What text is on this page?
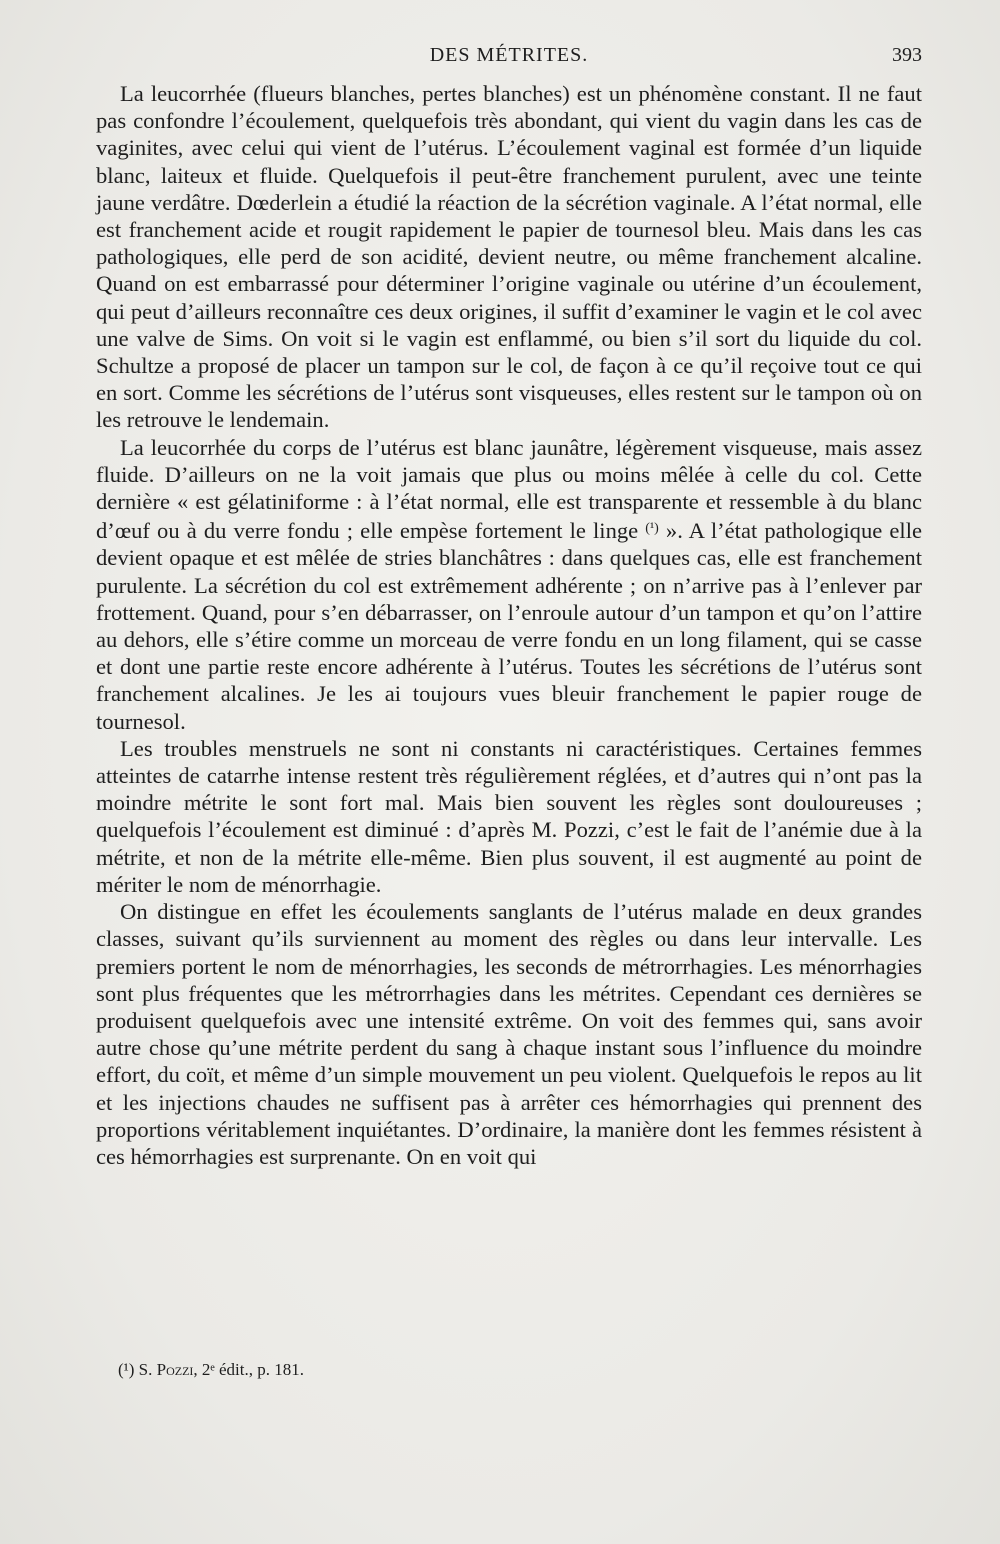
DES MÉTRITES.	393

La leucorrhée (flueurs blanches, pertes blanches) est un phénomène constant. Il ne faut pas confondre l’écoulement, quelquefois très abondant, qui vient du vagin dans les cas de vaginites, avec celui qui vient de l’utérus. L’écoulement vaginal est formée d’un liquide blanc, laiteux et fluide. Quelquefois il peut-être franchement purulent, avec une teinte jaune verdâtre. Dœderlein a étudié la réaction de la sécrétion vaginale. A l’état normal, elle est franchement acide et rougit rapidement le papier de tournesol bleu. Mais dans les cas pathologiques, elle perd de son acidité, devient neutre, ou même franchement alcaline. Quand on est embarrassé pour déterminer l’origine vaginale ou utérine d’un écoulement, qui peut d’ailleurs reconnaître ces deux origines, il suffit d’examiner le vagin et le col avec une valve de Sims. On voit si le vagin est enflammé, ou bien s’il sort du liquide du col. Schultze a proposé de placer un tampon sur le col, de façon à ce qu’il reçoive tout ce qui en sort. Comme les sécrétions de l’utérus sont visqueuses, elles restent sur le tampon où on les retrouve le lendemain.

La leucorrhée du corps de l’utérus est blanc jaunâtre, légèrement visqueuse, mais assez fluide. D’ailleurs on ne la voit jamais que plus ou moins mêlée à celle du col. Cette dernière « est gélatiniforme : à l’état normal, elle est transparente et ressemble à du blanc d’œuf ou à du verre fondu ; elle empèse fortement le linge $^{(^1)}$ ». A l’état pathologique elle devient opaque et est mêlée de stries blanchâtres : dans quelques cas, elle est franchement purulente. La sécrétion du col est extrêmement adhérente ; on n’arrive pas à l’enlever par frottement. Quand, pour s’en débarrasser, on l’enroule autour d’un tampon et qu’on l’attire au dehors, elle s’étire comme un morceau de verre fondu en un long filament, qui se casse et dont une partie reste encore adhérente à l’utérus. Toutes les sécrétions de l’utérus sont franchement alcalines. Je les ai toujours vues bleuir franchement le papier rouge de tournesol.

Les troubles menstruels ne sont ni constants ni caractéristiques. Certaines femmes atteintes de catarrhe intense restent très régulièrement réglées, et d’autres qui n’ont pas la moindre métrite le sont fort mal. Mais bien souvent les règles sont douloureuses ; quelquefois l’écoulement est diminué : d’après M. Pozzi, c’est le fait de l’anémie due à la métrite, et non de la métrite elle-même. Bien plus souvent, il est augmenté au point de mériter le nom de ménorrhagie.

On distingue en effet les écoulements sanglants de l’utérus malade en deux grandes classes, suivant qu’ils surviennent au moment des règles ou dans leur intervalle. Les premiers portent le nom de ménorrhagies, les seconds de métrorrhagies. Les ménorrhagies sont plus fréquentes que les métrorrhagies dans les métrites. Cependant ces dernières se produisent quelquefois avec une intensité extrême. On voit des femmes qui, sans avoir autre chose qu’une métrite perdent du sang à chaque instant sous l’influence du moindre effort, du coït, et même d’un simple mouvement un peu violent. Quelquefois le repos au lit et les injections chaudes ne suffisent pas à arrêter ces hémorrhagies qui prennent des proportions véritablement inquiétantes. D’ordinaire, la manière dont les femmes résistent à ces hémorrhagies est surprenante. On en voit qui

(¹) S. Pozzi, 2ᵉ édit., p. 181.
